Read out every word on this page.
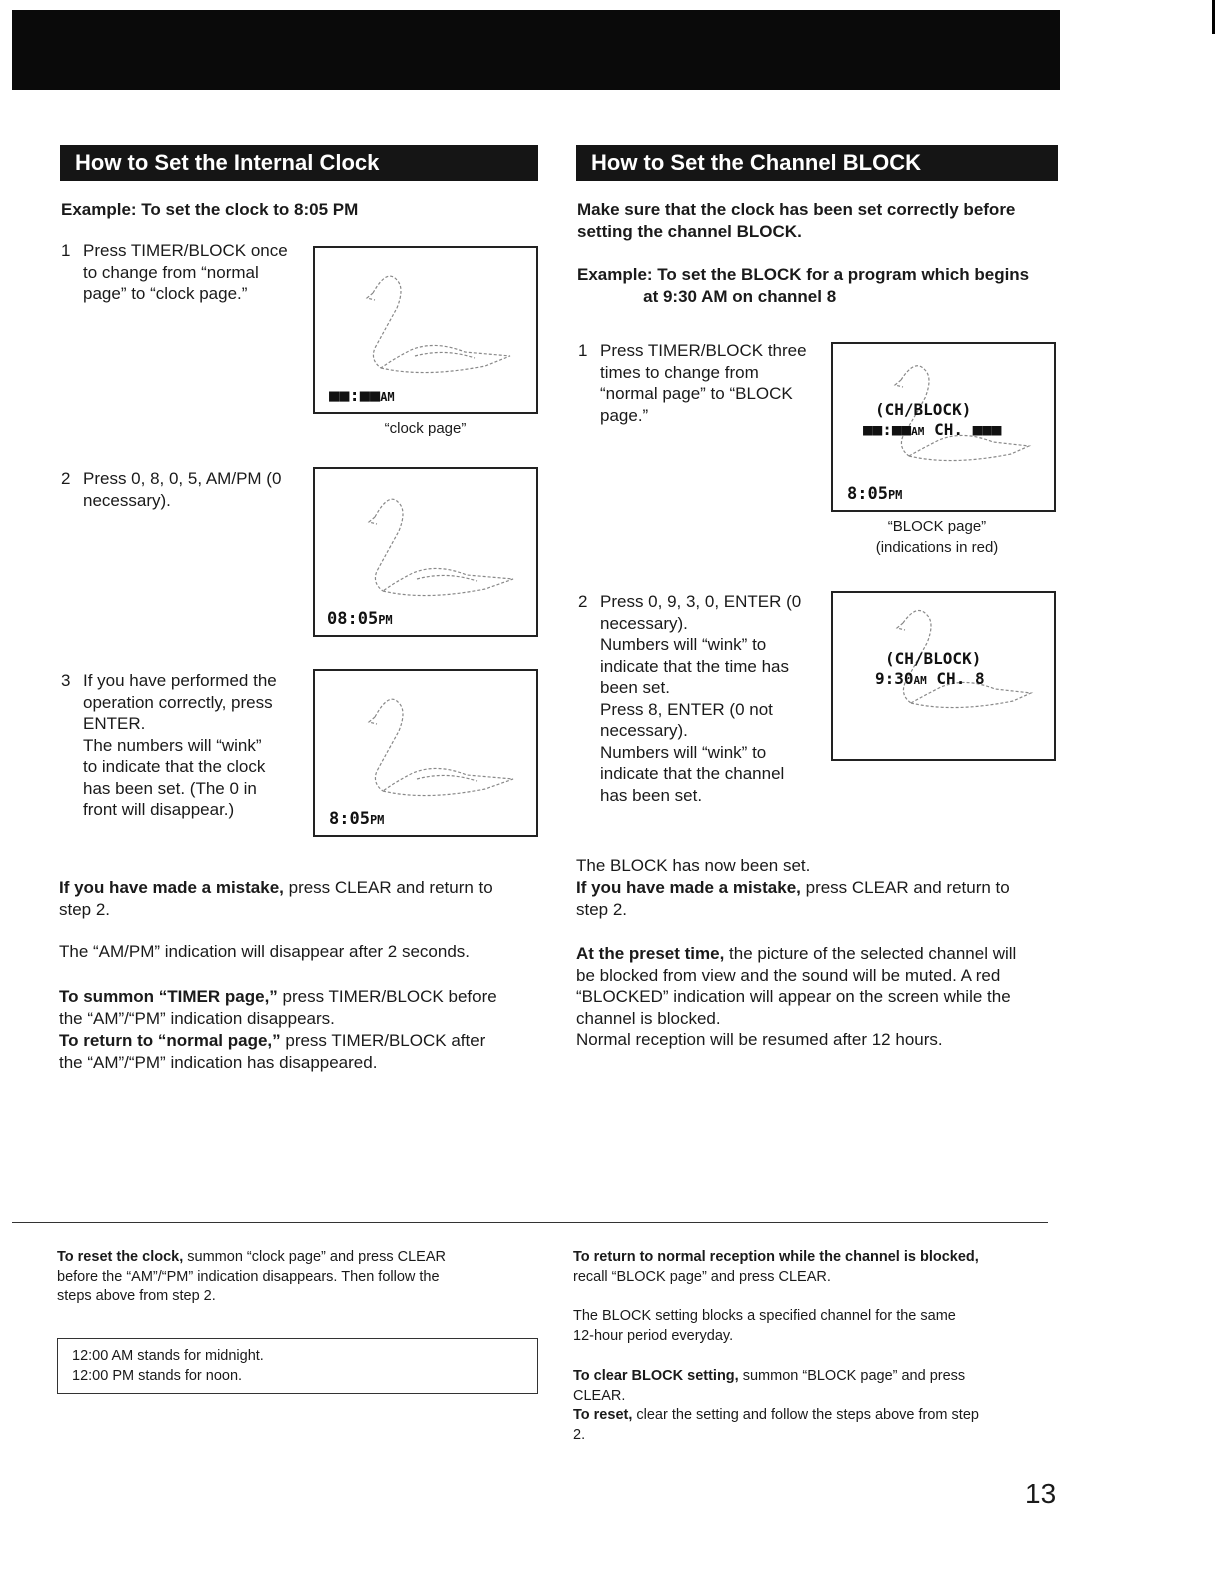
How to Set the Internal Clock

Example: To set the clock to 8:05 PM

1 Press TIMER/BLOCK once
to change from “normal
page” to “clock page.”

■■:■■AM
“clock page”
2 Press 0, 8, 0, 5, AM/PM (0
necessary).

08:05PM
3 If you have performed the
operation correctly, press
ENTER.
The numbers will “wink”
to indicate that the clock
has been set. (The 0 in
front will disappear.)	8:05PM

If you have made a mistake, press CLEAR and return to
step 2.

The “AM/PM” indication will disappear after 2 seconds.

To summon “TIMER page,” press TIMER/BLOCK before
the “AM”/“PM” indication disappears.

To return to “normal page,” press TIMER/BLOCK after
the “AM”/“PM” indication has disappeared.

How to Set the Channel BLOCK

Make sure that the clock has been set correctly before
setting the channel BLOCK.

Example: To set the BLOCK for a program which begins
at 9:30 AM on channel 8

1 Press TIMER/BLOCK three
times to change from
“normal page” to “BLOCK
page.”	(CH/BLOCK)
■■:■■AM CH. ■■■
8:05PM
“BLOCK page”
(indications in red)
2 Press 0, 9, 3, 0, ENTER (0
necessary).
Numbers will “wink” to
indicate that the time has
been set.
Press 8, ENTER (0 not
necessary).
Numbers will “wink” to
indicate that the channel
has been set.

(CH/BLOCK)
9:30AM CH. 8

The BLOCK has now been set.

If you have made a mistake, press CLEAR and return to
step 2.

At the preset time, the picture of the selected channel will
be blocked from view and the sound will be muted. A red
“BLOCKED” indication will appear on the screen while the
channel is blocked.
Normal reception will be resumed after 12 hours.

To reset the clock, summon “clock page” and press CLEAR
before the “AM”/“PM” indication disappears. Then follow the
steps above from step 2.

12:00 AM stands for midnight.
12:00 PM stands for noon.

To return to normal reception while the channel is blocked,
recall “BLOCK page” and press CLEAR.

The BLOCK setting blocks a specified channel for the same
12-hour period everyday.

To clear BLOCK setting, summon “BLOCK page” and press
CLEAR.

To reset, clear the setting and follow the steps above from step
2.

13
